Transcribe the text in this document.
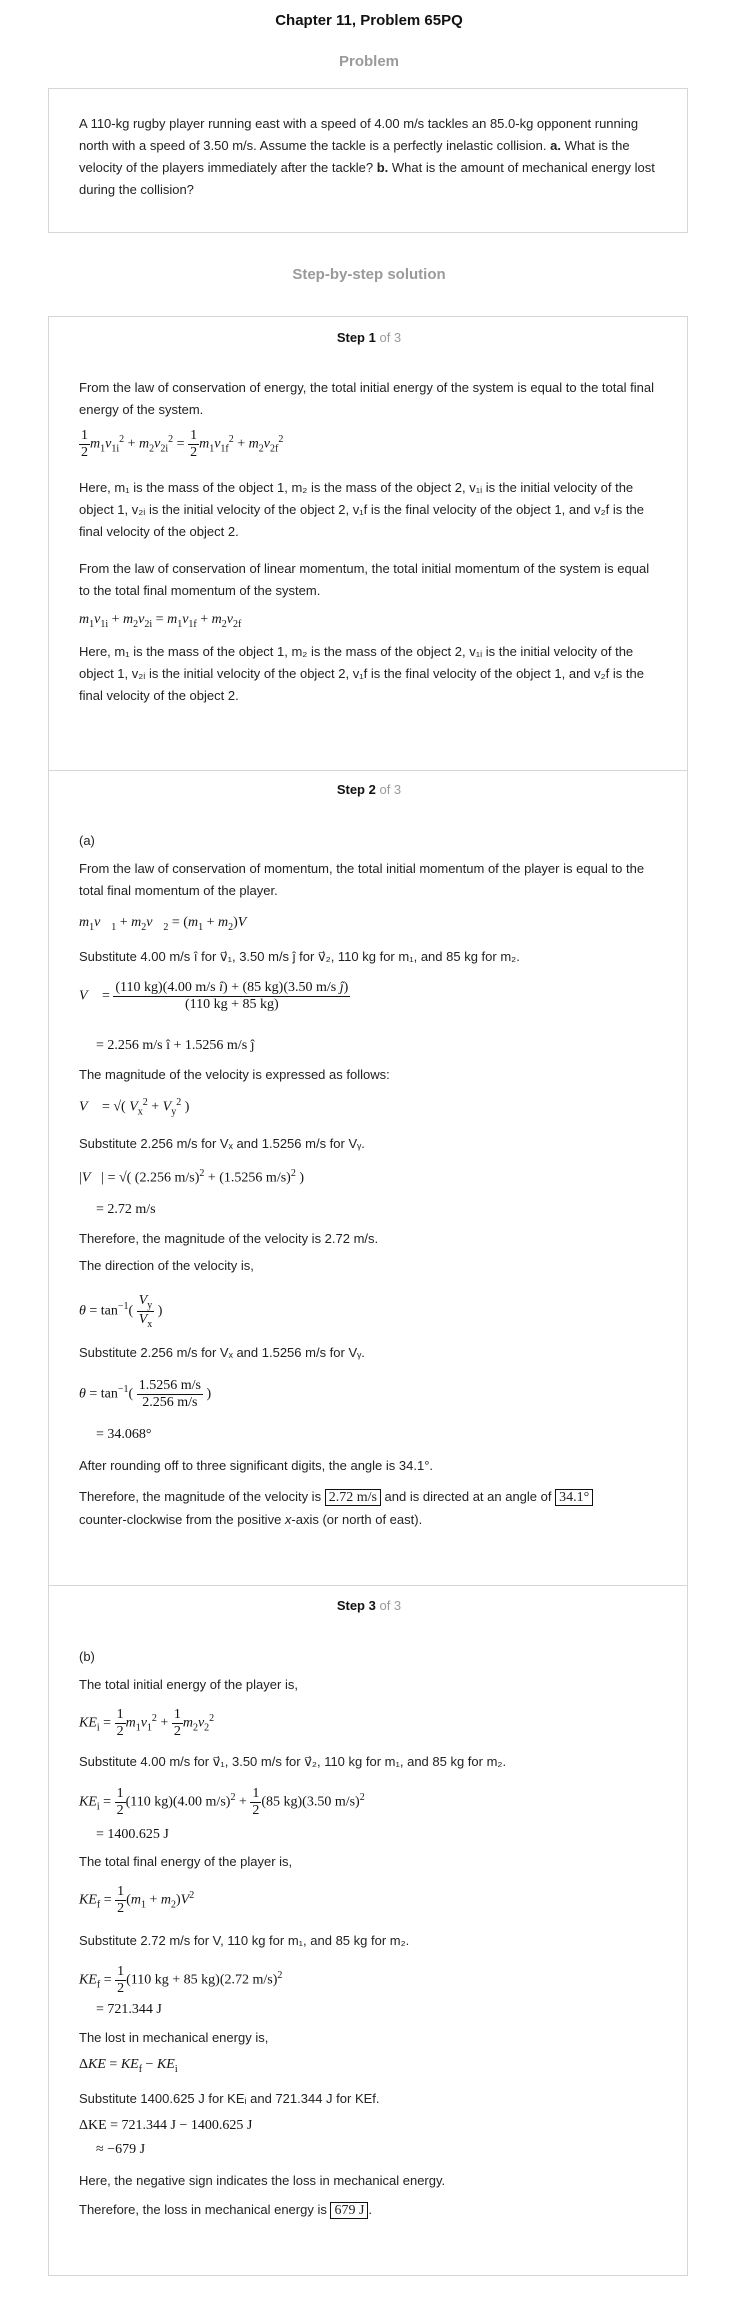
Chapter 11, Problem 65PQ
Problem
A 110-kg rugby player running east with a speed of 4.00 m/s tackles an 85.0-kg opponent running north with a speed of 3.50 m/s. Assume the tackle is a perfectly inelastic collision. a. What is the velocity of the players immediately after the tackle? b. What is the amount of mechanical energy lost during the collision?
Step-by-step solution
Step 1 of 3
From the law of conservation of energy, the total initial energy of the system is equal to the total final energy of the system.
$\frac{1}{2} m_1v_{1i}^2 + m_2v_{2i}^2 = \frac{1}{2} m_1v_{1f}^2 + m_2v_{2f}^2$
Here, m₁ is the mass of the object 1, m₂ is the mass of the object 2, v₁ᵢ is the initial velocity of the object 1, v₂ᵢ is the initial velocity of the object 2, v₁f is the final velocity of the object 1, and v₂f is the final velocity of the object 2.
From the law of conservation of linear momentum, the total initial momentum of the system is equal to the total final momentum of the system.
$m_1v_{1i} + m_2v_{2i} = m_1v_{1f} + m_2v_{2f}$
Here, m₁ is the mass of the object 1, m₂ is the mass of the object 2, v₁ᵢ is the initial velocity of the object 1, v₂ᵢ is the initial velocity of the object 2, v₁f is the final velocity of the object 1, and v₂f is the final velocity of the object 2.
Step 2 of 3
(a)
From the law of conservation of momentum, the total initial momentum of the player is equal to the total final momentum of the player.
$m_1v⃗_1$ + $m_2v⃗_2 = (m_1$ + $m_2)V⃗$
Substitute 4.00 m/s î for v⃗₁, 3.50 m/s ĵ for v⃗₂, 110 kg for m₁, and 85 kg for m₂.
V⃗ = $\frac{\text{(110 kg)(4.00 m/s î) + (85 kg)(3.50 m/s ĵ)}}{(110 kg + 85 kg)}$
= 2.256 m/s î + 1.5256 m/s ĵ
The magnitude of the velocity is expressed as follows:
V⃗ = √( $V_x^2 + V_y^2$ )
Substitute 2.256 m/s for Vₓ and 1.5256 m/s for Vᵧ.
|V⃗| = √( (2.256 m/s)$^2$ + (1.5256 m/s)$^2$ )
= 2.72 m/s
Therefore, the magnitude of the velocity is 2.72 m/s.
The direction of the velocity is,
$\theta = \tan^{-1}( \frac{V_y}{V_x}$ )
Substitute 2.256 m/s for Vₓ and 1.5256 m/s for Vᵧ.
$\theta = \tan^{-1}( \frac{1.5256 m/s}{2.256 m/s}$ )
= 34.068°
After rounding off to three significant digits, the angle is 34.1°.
Therefore, the magnitude of the velocity is 2.72 m/s and is directed at an angle of 34.1°
counter-clockwise from the positive x-axis (or north of east).
Step 3 of 3
(b)
The total initial energy of the player is,
$KE_i = \frac{1}{2} m_1v_1^2 + \frac{1}{2} m_2v_2^2$
Substitute 4.00 m/s for v⃗₁, 3.50 m/s for v⃗₂, 110 kg for m₁, and 85 kg for m₂.
$KE_i = \frac{1}{2} (110$ kg)(4.00 $m/s)^2 + \frac{1}{2} (85$ kg)(3.50 m/s)$^2$
= 1400.625 J
The total final energy of the player is,
$KE_f = \frac{1}{2} (m_1 + m_2)V^2$
Substitute 2.72 m/s for V, 110 kg for m₁, and 85 kg for m₂.
$KE_f = \frac{1}{2} (110$ kg + 85 kg)(2.72 m/s)$^2$
= 721.344 J
The lost in mechanical energy is,
$\Delta KE = KE_f - KE_i$
Substitute 1400.625 J for KEᵢ and 721.344 J for KEf.
ΔKE = 721.344 J − 1400.625 J
≈ −679 J
Here, the negative sign indicates the loss in mechanical energy.
Therefore, the loss in mechanical energy is 679 J .
